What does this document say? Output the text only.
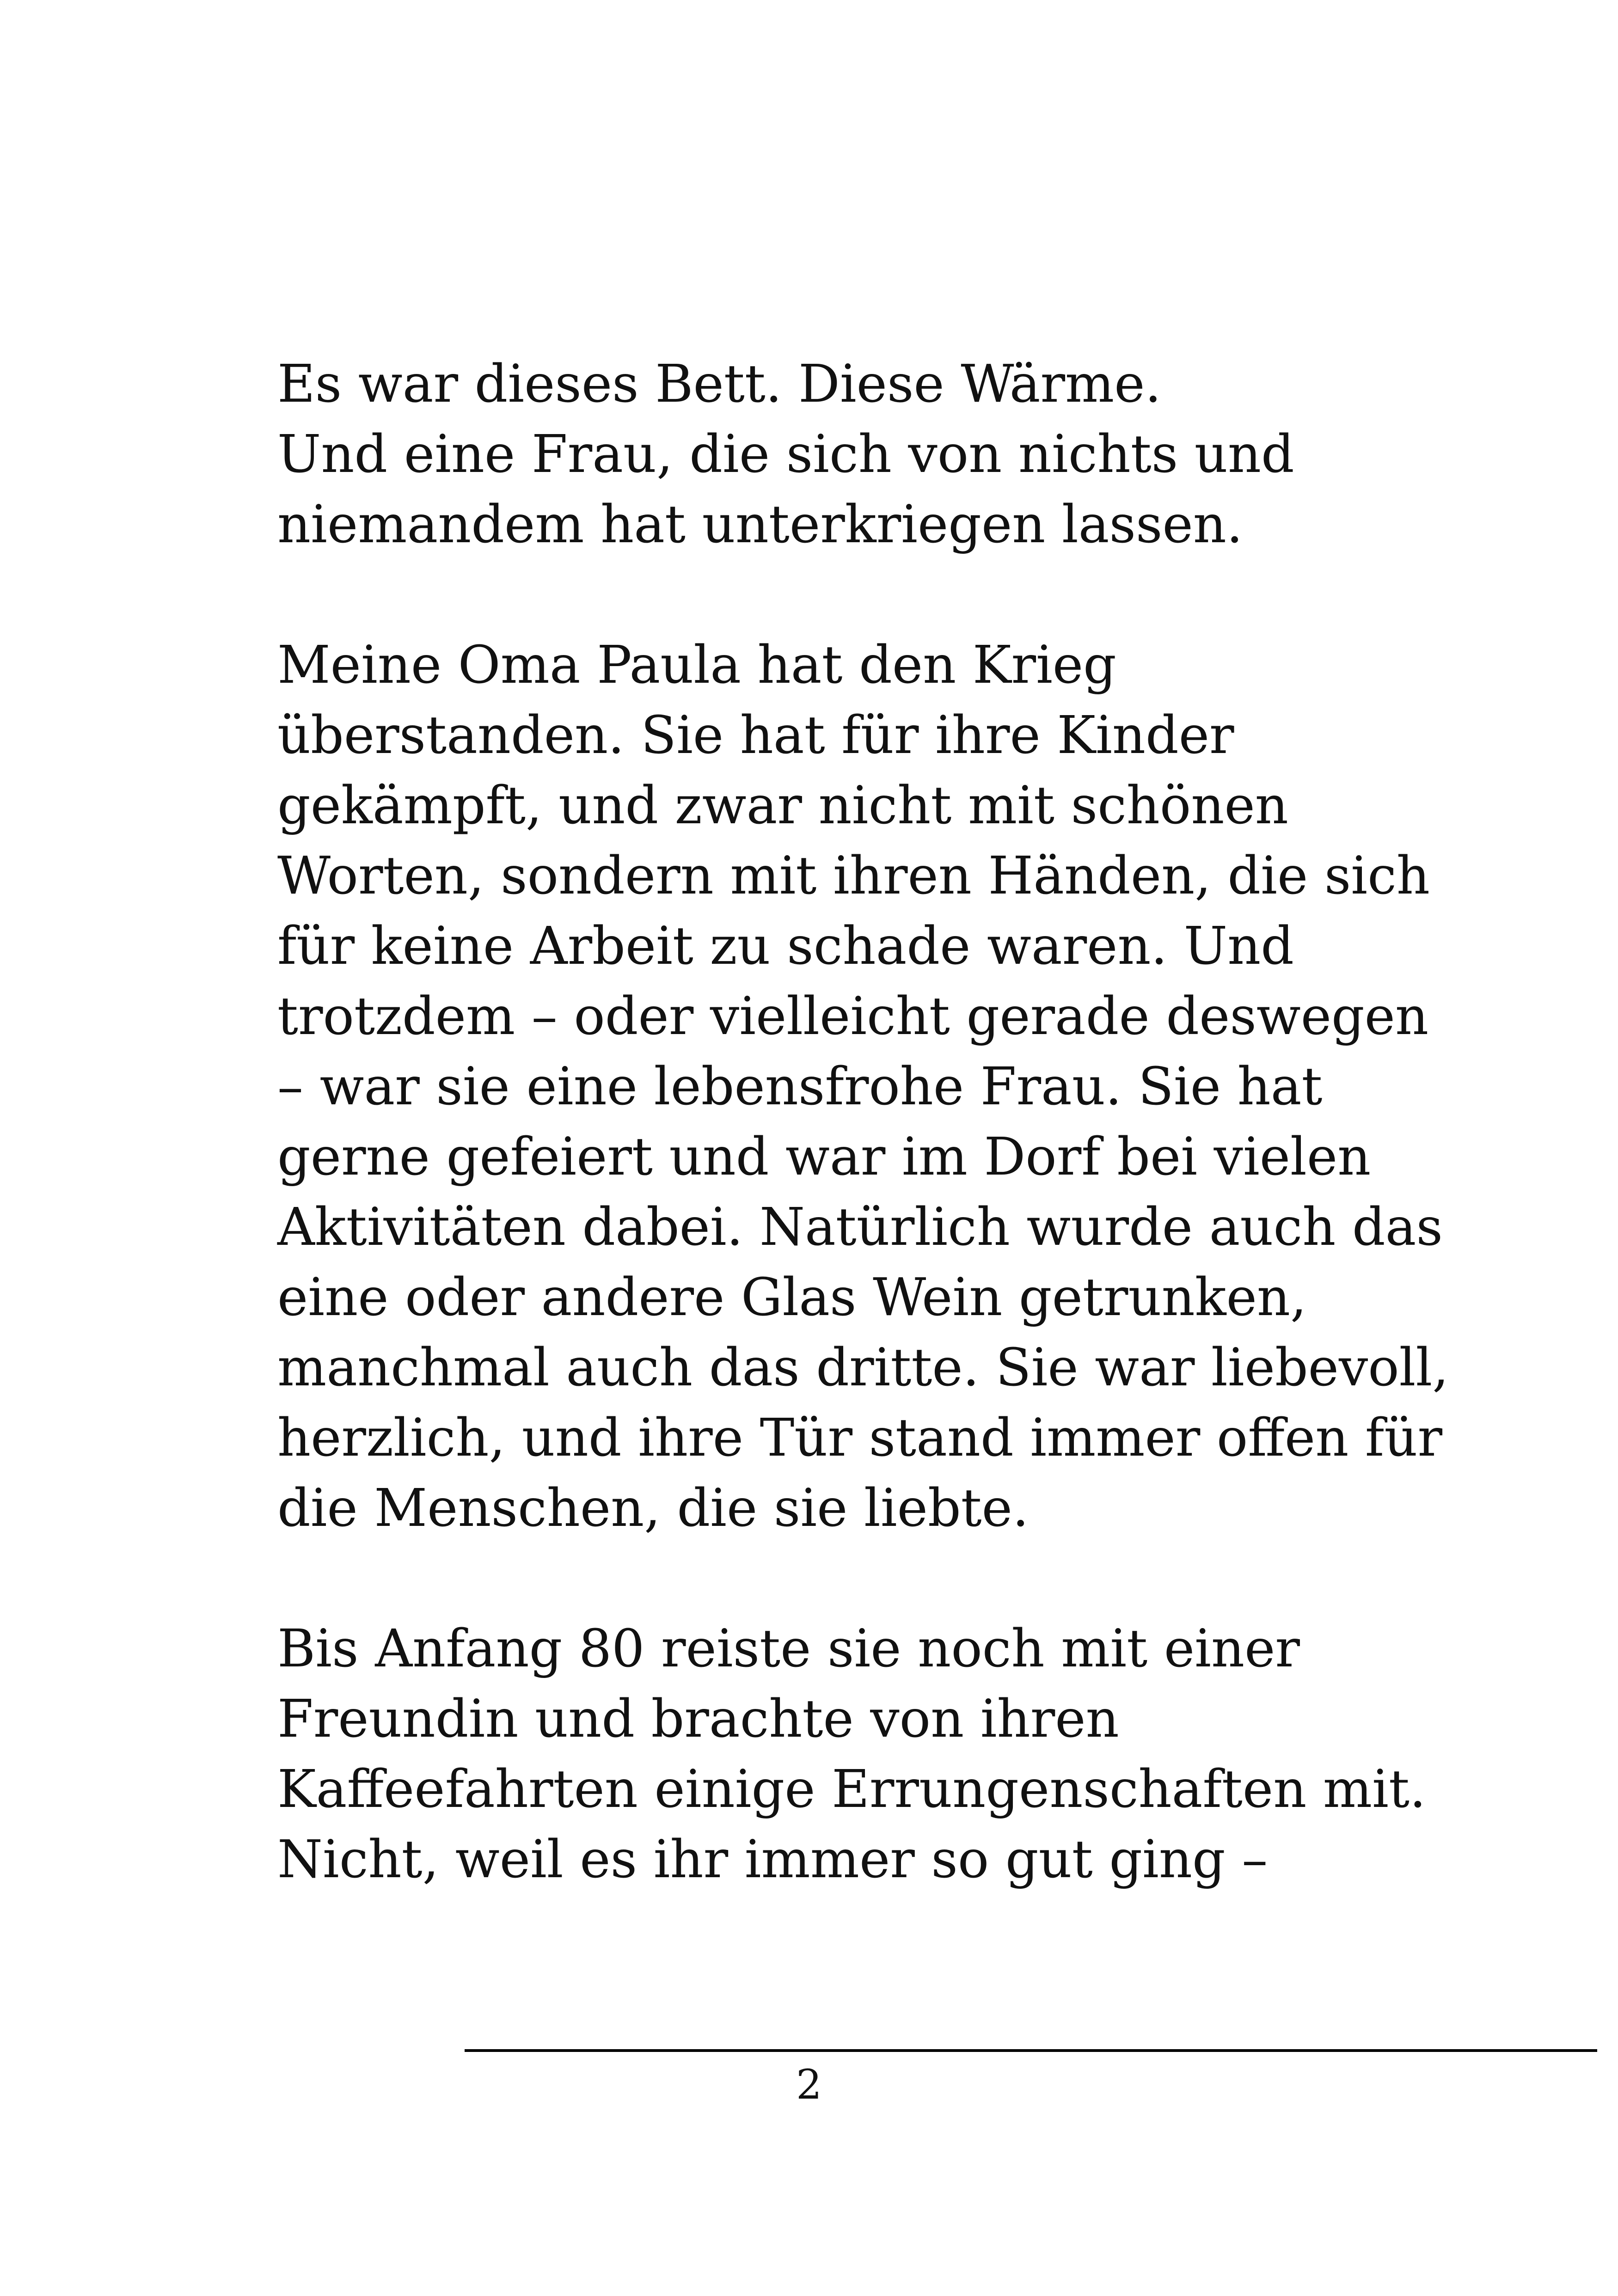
Es war dieses Bett. Diese Wärme.
Und eine Frau, die sich von nichts und
niemandem hat unterkriegen lassen.

Meine Oma Paula hat den Krieg
überstanden. Sie hat für ihre Kinder
gekämpft, und zwar nicht mit schönen
Worten, sondern mit ihren Händen, die sich
für keine Arbeit zu schade waren. Und
trotzdem – oder vielleicht gerade deswegen
– war sie eine lebensfrohe Frau. Sie hat
gerne gefeiert und war im Dorf bei vielen
Aktivitäten dabei. Natürlich wurde auch das
eine oder andere Glas Wein getrunken,
manchmal auch das dritte. Sie war liebevoll,
herzlich, und ihre Tür stand immer offen für
die Menschen, die sie liebte.

Bis Anfang 80 reiste sie noch mit einer
Freundin und brachte von ihren
Kaffeefahrten einige Errungenschaften mit.
Nicht, weil es ihr immer so gut ging –

2
